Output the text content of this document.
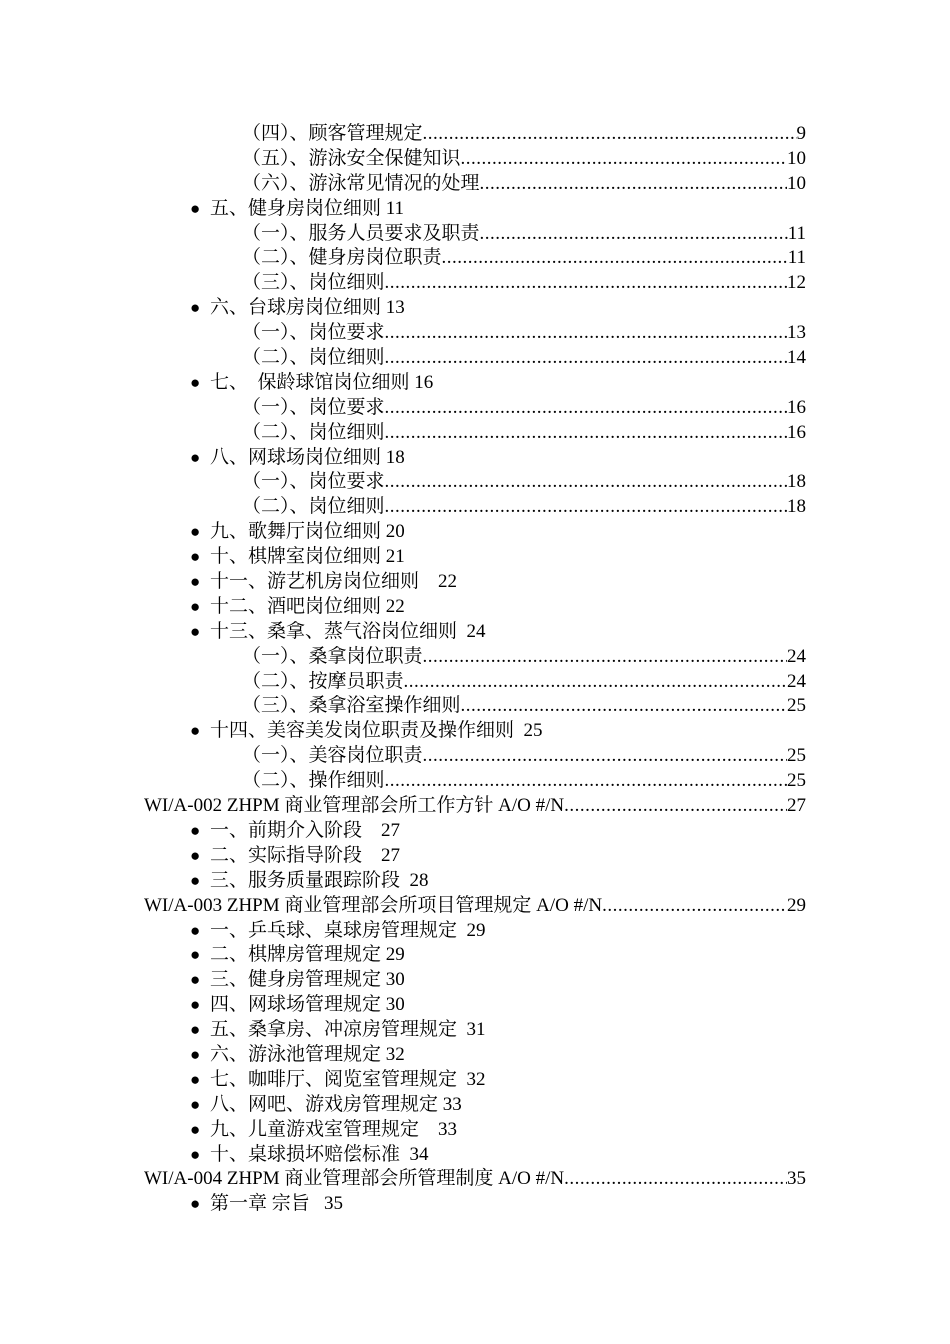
（四）、顾客管理规定 .....	9
（五）、游泳安全保健知识 .....	10
（六）、游泳常见情况的处理 .....	10
● 五、健身房岗位细则 11
（一）、服务人员要求及职责 .....	11
（二）、健身房岗位职责 .....	11
（三）、岗位细则 .....	12
● 六、台球房岗位细则 13
（一）、岗位要求 .....	13
（二）、岗位细则 .....	14
● 七、  保龄球馆岗位细则 16
（一）、岗位要求 .....	16
（二）、岗位细则 .....	16
● 八、网球场岗位细则 18
（一）、岗位要求 .....	18
（二）、岗位细则 .....	18
● 九、歌舞厅岗位细则 20
● 十、棋牌室岗位细则 21
● 十一、游艺机房岗位细则    22
● 十二、酒吧岗位细则 22
● 十三、桑拿、蒸气浴岗位细则  24
（一）、桑拿岗位职责 .....	24
（二）、按摩员职责 .....	24
（三）、桑拿浴室操作细则 .....	25
● 十四、美容美发岗位职责及操作细则  25
（一）、美容岗位职责 .....	25
（二）、操作细则 .....	25
WI/A-002 ZHPM 商业管理部会所工作方针 A/O #/N .....	27
● 一、前期介入阶段    27
● 二、实际指导阶段    27
● 三、服务质量跟踪阶段  28
WI/A-003 ZHPM 商业管理部会所项目管理规定 A/O #/N .....	29
● 一、乒乓球、桌球房管理规定  29
● 二、棋牌房管理规定 29
● 三、健身房管理规定 30
● 四、网球场管理规定 30
● 五、桑拿房、冲凉房管理规定  31
● 六、游泳池管理规定 32
● 七、咖啡厅、阅览室管理规定  32
● 八、网吧、游戏房管理规定 33
● 九、儿童游戏室管理规定    33
● 十、桌球损坏赔偿标准  34
WI/A-004 ZHPM 商业管理部会所管理制度 A/O #/N .....	35
● 第一章 宗旨   35
